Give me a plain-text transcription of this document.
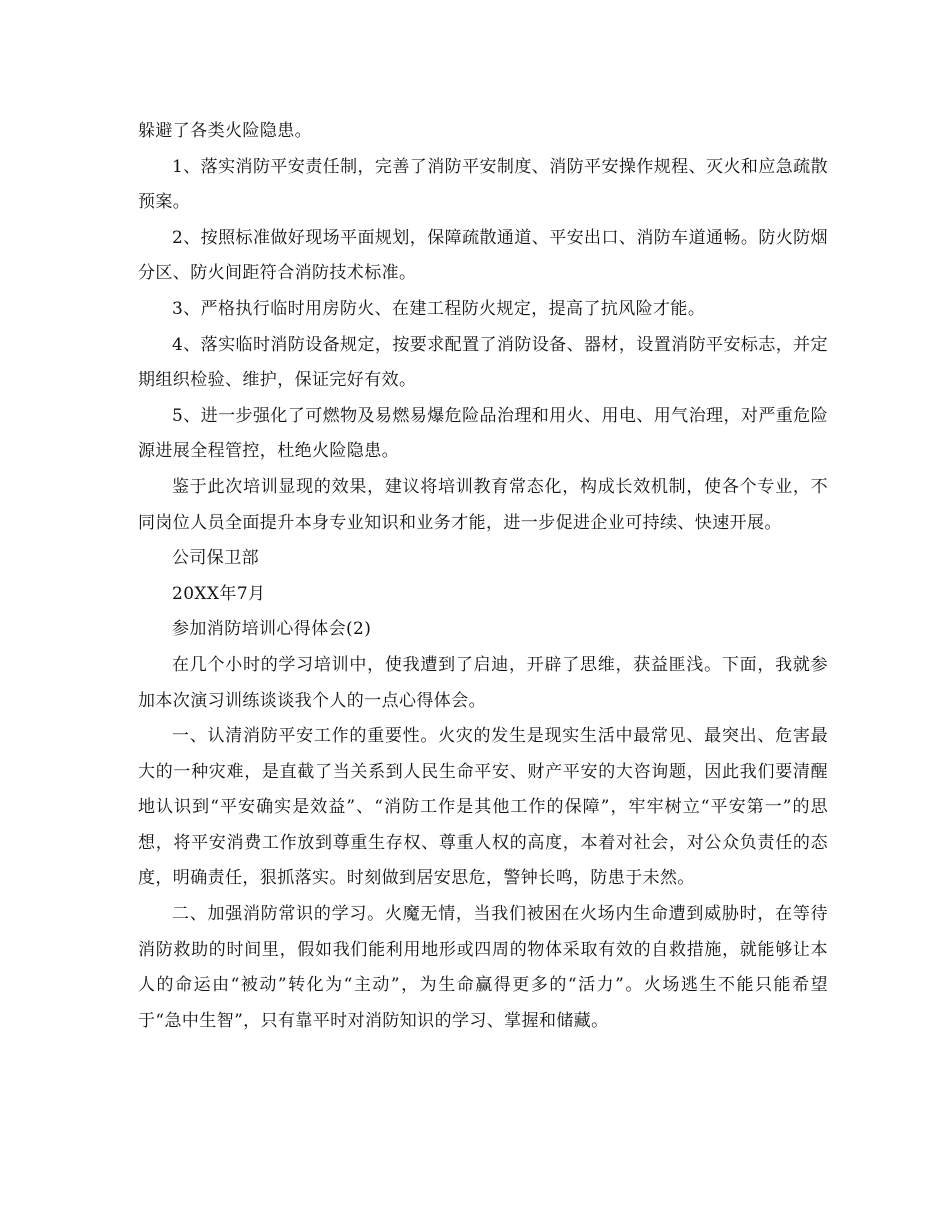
躲避了各类火险隐患。

1、落实消防平安责任制，完善了消防平安制度、消防平安操作规程、灭火和应急疏散预案。

2、按照标准做好现场平面规划，保障疏散通道、平安出口、消防车道通畅。防火防烟分区、防火间距符合消防技术标准。

3、严格执行临时用房防火、在建工程防火规定，提高了抗风险才能。

4、落实临时消防设备规定，按要求配置了消防设备、器材，设置消防平安标志，并定期组织检验、维护，保证完好有效。

5、进一步强化了可燃物及易燃易爆危险品治理和用火、用电、用气治理，对严重危险源进展全程管控，杜绝火险隐患。

鉴于此次培训显现的效果，建议将培训教育常态化，构成长效机制，使各个专业，不同岗位人员全面提升本身专业知识和业务才能，进一步促进企业可持续、快速开展。

公司保卫部

20XX年7月

参加消防培训心得体会(2)

在几个小时的学习培训中，使我遭到了启迪，开辟了思维，获益匪浅。下面，我就参加本次演习训练谈谈我个人的一点心得体会。

一、认清消防平安工作的重要性。火灾的发生是现实生活中最常见、最突出、危害最大的一种灾难，是直截了当关系到人民生命平安、财产平安的大咨询题，因此我们要清醒地认识到“平安确实是效益”、“消防工作是其他工作的保障”，牢牢树立“平安第一”的思想，将平安消费工作放到尊重生存权、尊重人权的高度，本着对社会，对公众负责任的态度，明确责任，狠抓落实。时刻做到居安思危，警钟长鸣，防患于未然。

二、加强消防常识的学习。火魔无情，当我们被困在火场内生命遭到威胁时，在等待消防救助的时间里，假如我们能利用地形或四周的物体采取有效的自救措施，就能够让本人的命运由“被动”转化为“主动”，为生命赢得更多的“活力”。火场逃生不能只能希望于“急中生智”，只有靠平时对消防知识的学习、掌握和储藏。
